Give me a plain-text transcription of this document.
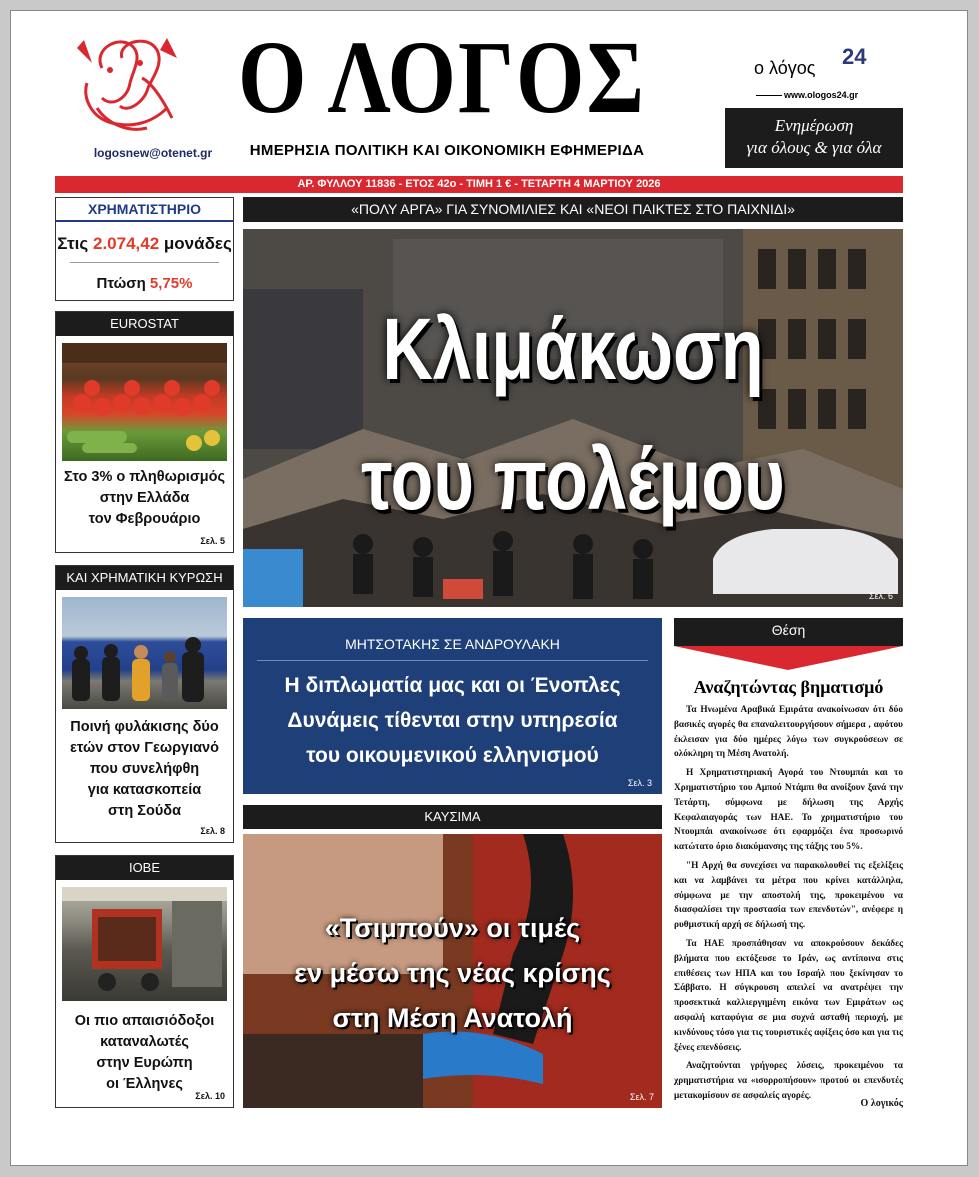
logosnew@otenet.gr
Ο ΛΟΓΟΣ
ΗΜΕΡΗΣΙΑ ΠΟΛΙΤΙΚΗ ΚΑΙ ΟΙΚΟΝΟΜΙΚΗ ΕΦΗΜΕΡΙΔΑ
ο λόγος 24
www.ologos24.gr
Ενημέρωση
για όλους & για όλα
ΑΡ. ΦΥΛΛΟΥ 11836 - ΕΤΟΣ 42ο - ΤΙΜΗ 1 € - ΤΕΤΑΡΤΗ 4 ΜΑΡΤΙΟΥ 2026
ΧΡΗΜΑΤΙΣΤΗΡΙΟ
Στις 2.074,42 μονάδες
Πτώση 5,75%
EUROSTAT
Στο 3% ο πληθωρισμός
στην Ελλάδα
τον Φεβρουάριο
Σελ. 5
ΚΑΙ ΧΡΗΜΑΤΙΚΗ ΚΥΡΩΣΗ
Ποινή φυλάκισης δύο
ετών στον Γεωργιανό
που συνελήφθη
για κατασκοπεία
στη Σούδα
Σελ. 8
ΙΟΒΕ
Οι πιο απαισιόδοξοι
καταναλωτές
στην Ευρώπη
οι Έλληνες
Σελ. 10
«ΠΟΛΥ ΑΡΓΑ» ΓΙΑ ΣΥΝΟΜΙΛΙΕΣ ΚΑΙ «ΝΕΟΙ ΠΑΙΚΤΕΣ ΣΤΟ ΠΑΙΧΝΙΔΙ»
Κλιμάκωση
του πολέμου
Σελ. 6
ΜΗΤΣΟΤΑΚΗΣ ΣΕ ΑΝΔΡΟΥΛΑΚΗ
Η διπλωματία μας και οι Ένοπλες
Δυνάμεις τίθενται στην υπηρεσία
του οικουμενικού ελληνισμού
Σελ. 3
ΚΑΥΣΙΜΑ
«Τσιμπούν» οι τιμές
εν μέσω της νέας κρίσης
στη Μέση Ανατολή
Σελ. 7
Θέση
Αναζητώντας βηματισμό

Τα Ηνωμένα Αραβικά Εμιράτα ανακοίνωσαν ότι δύο βασικές αγορές θα επαναλειτουργήσουν σήμερα , αφότου έκλεισαν για δύο ημέρες λόγω των συγκρούσεων σε ολόκληρη τη Μέση Ανατολή.

Η Χρηματιστηριακή Αγορά του Ντουμπάι και το Χρηματιστήριο του Αμπού Ντάμπι θα ανοίξουν ξανά την Τετάρτη, σύμφωνα με δήλωση της Αρχής Κεφαλαιαγοράς των ΗΑΕ. Το χρηματιστήριο του Ντουμπάι ανακοίνωσε ότι εφαρμόζει ένα προσωρινό κατώτατο όριο διακύμανσης της τάξης του 5%.

"Η Αρχή θα συνεχίσει να παρακολουθεί τις εξελίξεις και να λαμβάνει τα μέτρα που κρίνει κατάλληλα, σύμφωνα με την αποστολή της, προκειμένου να διασφαλίσει την προστασία των επενδυτών", ανέφερε η ρυθμιστική αρχή σε δήλωσή της.

Τα ΗΑΕ προσπάθησαν να αποκρούσουν δεκάδες βλήματα που εκτόξευσε το Ιράν, ως αντίποινα στις επιθέσεις των ΗΠΑ και του Ισραήλ που ξεκίνησαν το Σάββατο. Η σύγκρουση απειλεί να ανατρέψει την προσεκτικά καλλιεργημένη εικόνα των Εμιράτων ως ασφαλή καταφύγια σε μια συχνά ασταθή περιοχή, με κινδύνους τόσο για τις τουριστικές αφίξεις όσο και για τις ξένες επενδύσεις.

Αναζητούνται γρήγορες λύσεις, προκειμένου τα χρηματιστήρια να «ισορροπήσουν» προτού οι επενδυτές μετακομίσουν σε ασφαλείς αγορές.

Ο λογικός
